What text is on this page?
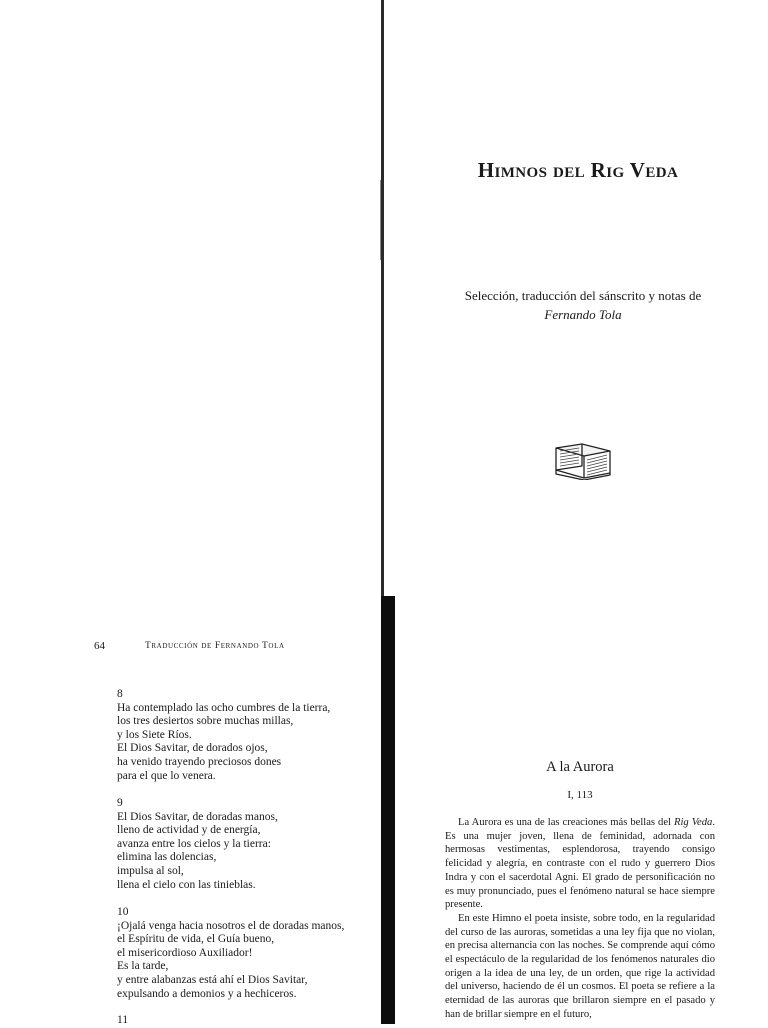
Himnos del Rig Veda
Selección, traducción del sánscrito y notas de
Fernando Tola
64	Traducción de Fernando Tola
8
Ha contemplado las ocho cumbres de la tierra,
los tres desiertos sobre muchas millas,
y los Siete Ríos.
El Dios Savitar, de dorados ojos,
ha venido trayendo preciosos dones
para el que lo venera.
9
El Dios Savitar, de doradas manos,
lleno de actividad y de energía,
avanza entre los cielos y la tierra:
elimina las dolencias,
impulsa al sol,
llena el cielo con las tinieblas.
10
¡Ojalá venga hacia nosotros el de doradas manos,
el Espíritu de vida, el Guía bueno,
el misericordioso Auxiliador!
Es la tarde,
y entre alabanzas está ahí el Dios Savitar,
expulsando a demonios y a hechiceros.
11
A la Aurora
I, 113

La Aurora es una de las creaciones más bellas del Rig Veda. Es una mujer joven, llena de feminidad, adornada con hermosas vestimentas, esplendorosa, trayendo consigo felicidad y alegría, en contraste con el rudo y guerrero Dios Indra y con el sacerdotal Agni. El grado de personificación no es muy pronunciado, pues el fenómeno natural se hace siempre presente.

En este Himno el poeta insiste, sobre todo, en la regularidad del curso de las auroras, sometidas a una ley fija que no violan, en precisa alternancia con las noches. Se comprende aquí cómo el espectáculo de la regularidad de los fenómenos naturales dio origen a la idea de una ley, de un orden, que rige la actividad del universo, haciendo de él un cosmos. El poeta se refiere a la eternidad de las auroras que brillaron siempre en el pasado y han de brillar siempre en el futuro,
